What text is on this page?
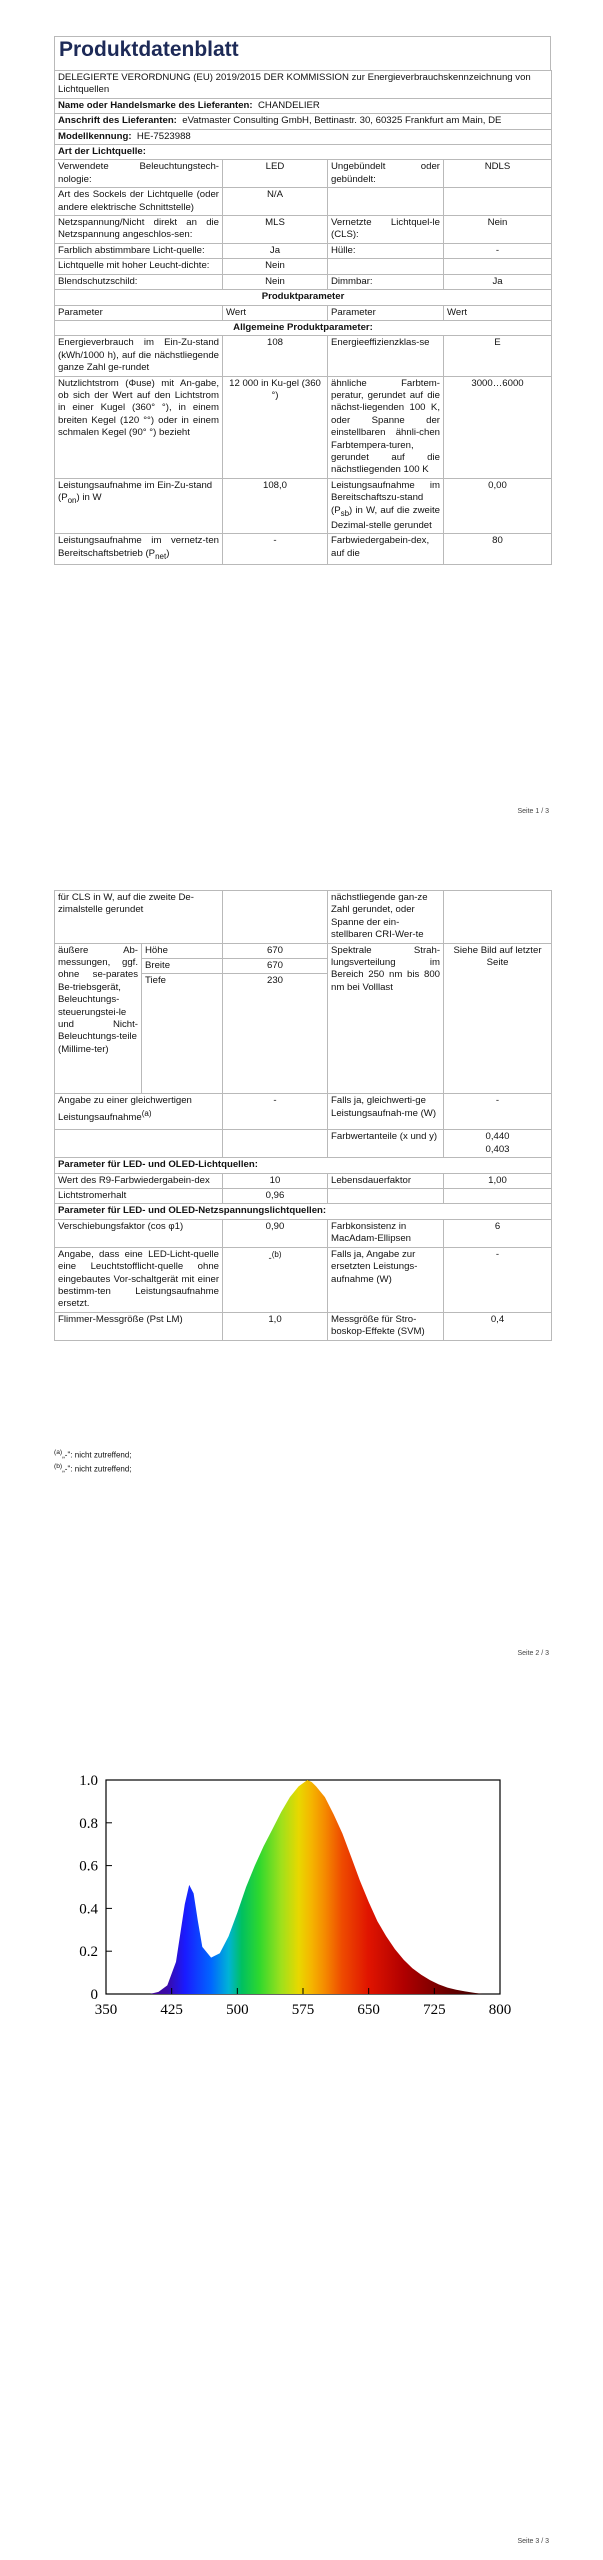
Produktdatenblatt
DELEGIERTE VERORDNUNG (EU) 2019/2015 DER KOMMISSION zur Energieverbrauchskennzeichnung von Lichtquellen			
Name oder Handelsmarke des Lieferanten: CHANDELIER			
Anschrift des Lieferanten: eVatmaster Consulting GmbH, Bettinastr. 30, 60325 Frankfurt am Main, DE			
Modellkennung: HE-7523988			
Art der Lichtquelle:			
Verwendete Beleuchtungstech-nologie:	LED	Ungebündelt oder gebündelt:	NDLS
Art des Sockels der Lichtquelle (oder andere elektrische Schnittstelle)	N/A		
Netzspannung/Nicht direkt an die Netzspannung angeschlos-sen:	MLS	Vernetzte Lichtquel-le (CLS):	Nein
Farblich abstimmbare Licht-quelle:	Ja	Hülle:	-
Lichtquelle mit hoher Leucht-dichte:	Nein		
Blendschutzschild:	Nein	Dimmbar:	Ja
Produktparameter			
Parameter	Wert	Parameter	Wert
Allgemeine Produktparameter:			
Energieverbrauch im Ein-Zu-stand (kWh/1000 h), auf die nächstliegende ganze Zahl ge-rundet	108	Energieeffizienzklas-se	E
Nutzlichtstrom (Φuse) mit An-gabe, ob sich der Wert auf den Lichtstrom in einer Kugel (360° °), in einem breiten Kegel (120 °°) oder in einem schmalen Kegel (90° °) bezieht	12 000 in Ku-gel (360 °)	ähnliche Farbtem-peratur, gerundet auf die nächst-liegenden 100 K, oder Spanne der einstellbaren ähnli-chen Farbtempera-turen, gerundet auf die nächstliegenden 100 K	3000…6000
Leistungsaufnahme im Ein-Zu-stand $(P_{on})$ in W	108,0	Leistungsaufnahme im Bereitschaftszu-stand $(P_{sb})$ in W, auf die zweite Dezimal-stelle gerundet	0,00
Leistungsaufnahme im vernetz-ten Bereitschaftsbetrieb $(P_{net})$	-	Farbwiedergabein-dex, auf die	80
Seite 1 / 3
für CLS in W, auf die zweite De-zimalstelle gerundet			nächstliegende gan-ze Zahl gerundet, oder Spanne der ein-stellbaren CRI-Wer-te	
äußere Ab-messungen, ggf. ohne se-parates Be-triebsgerät, Beleuchtungs-steuerungstei-le und Nicht-Beleuchtungs-teile (Millime-ter)	Höhe	670	Spektrale Strah-lungsverteilung im Bereich 250 nm bis 800 nm bei Volllast	Siehe Bild auf letzter Seite
	Breite	670		
	Tiefe	230		
Angabe zu einer gleichwertigen Leistungsaufnahme$^{(a)}$		-	Falls ja, gleichwerti-ge Leistungsaufnah-me (W)	-
			Farbwertanteile (x und y)	0,440
0,403

Parameter für LED- und OLED-Lichtquellen:				
Wert des R9-Farbwiedergabein-dex		10	Lebensdauerfaktor	1,00
Lichtstromerhalt		0,96		
Parameter für LED- und OLED-Netzspannungslichtquellen:				
Verschiebungsfaktor (cos φ1)		0,90	Farbkonsistenz in MacAdam-Ellipsen	6
Angabe, dass eine LED-Licht-quelle eine Leuchtstofflicht-quelle ohne eingebautes Vor-schaltgerät mit einer bestimm-ten Leistungsaufnahme ersetzt.		-$^{(b)}$	Falls ja, Angabe zur ersetzten Leistungs-aufnahme (W)	-
Flimmer-Messgröße (Pst LM)		1,0	Messgröße für Stro-boskop-Effekte (SVM)	0,4
$^{(a)}$„-": nicht zutreffend;
$^{(b)}$„-": nicht zutreffend;
Seite 2 / 3
350	425	500	575	650	725	800
0
0.2
0.4
0.6
0.8
1.0
Seite 3 / 3
